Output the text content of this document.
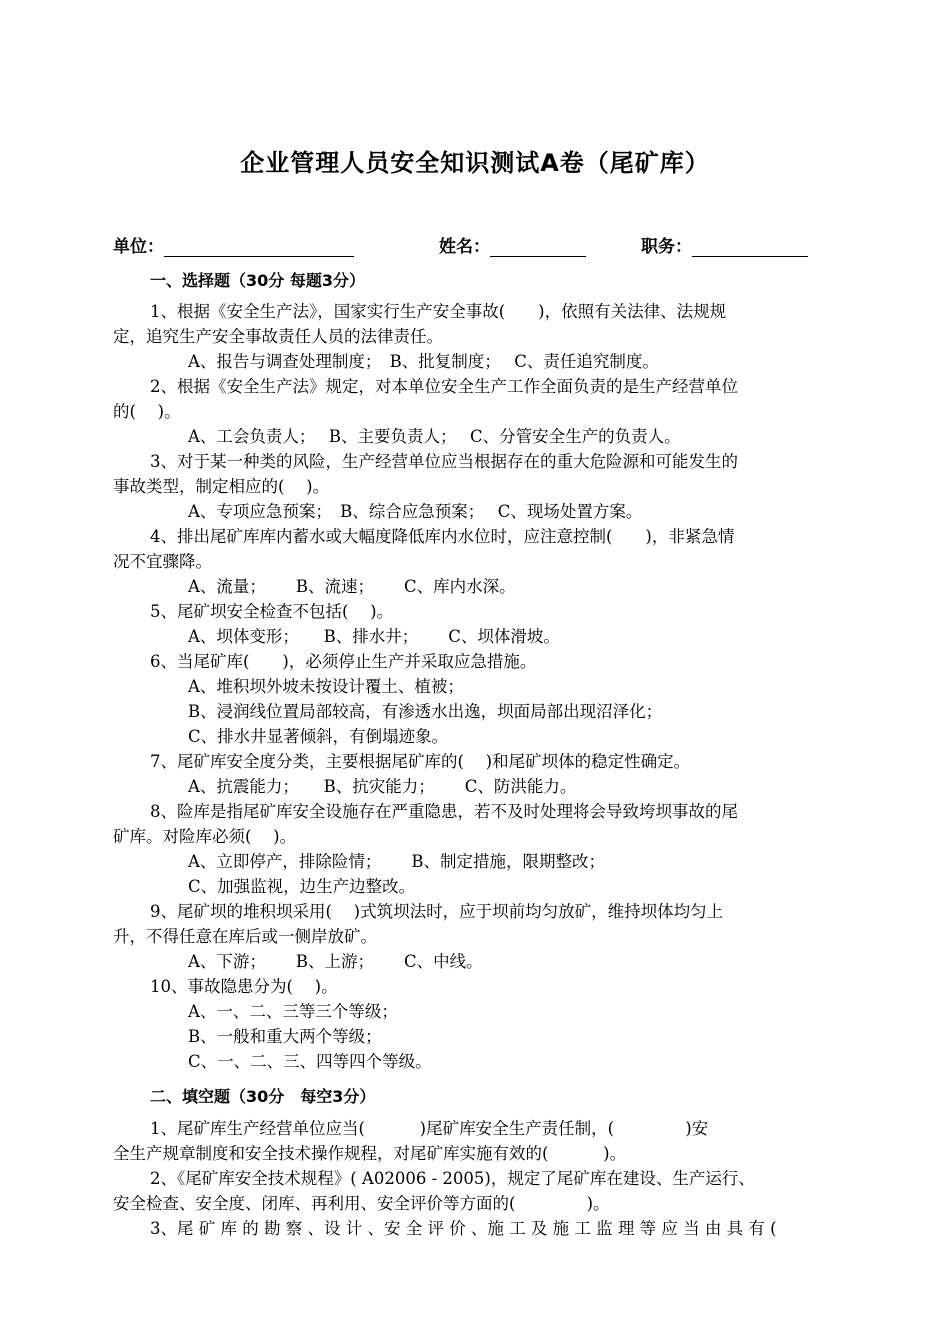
企业管理人员安全知识测试A卷（尾矿库）
单位：	姓名：	职务：
一、选择题（30分 每题3分）
1、根据《安全生产法》，国家实行生产安全事故(　　)，依照有关法律、法规规
定，追究生产安全事故责任人员的法律责任。
A、报告与调查处理制度；　B、批复制度；　 C、责任追究制度。
2、根据《安全生产法》规定，对本单位安全生产工作全面负责的是生产经营单位
的(　 )。
A、工会负责人；　 B、主要负责人；　 C、分管安全生产的负责人。
3、对于某一种类的风险，生产经营单位应当根据存在的重大危险源和可能发生的
事故类型，制定相应的(　 )。
A、专项应急预案；　B、综合应急预案；　 C、现场处置方案。
4、排出尾矿库库内蓄水或大幅度降低库内水位时，应注意控制(　　)，非紧急情
况不宜骤降。
A、流量；　　 B、流速；　　 C、库内水深。
5、尾矿坝安全检查不包括(　 )。
A、坝体变形；　　B、排水井；　　 C、坝体滑坡。
6、当尾矿库(　　)，必须停止生产并采取应急措施。
A、堆积坝外坡未按设计覆土、植被；
B、浸润线位置局部较高，有渗透水出逸，坝面局部出现沼泽化；
C、排水井显著倾斜，有倒塌迹象。
7、尾矿库安全度分类，主要根据尾矿库的(　 )和尾矿坝体的稳定性确定。
A、抗震能力；　　B、抗灾能力；　　 C、防洪能力。
8、险库是指尾矿库安全设施存在严重隐患，若不及时处理将会导致垮坝事故的尾
矿库。对险库必须(　 )。
A、立即停产，排除险情；　　 B、制定措施，限期整改；
C、加强监视，边生产边整改。
9、尾矿坝的堆积坝采用(　 )式筑坝法时，应于坝前均匀放矿，维持坝体均匀上
升，不得任意在库后或一侧岸放矿。
A、下游；　　 B、上游；　　 C、中线。
10、事故隐患分为(　 )。
A、一、二、三等三个等级；
B、一般和重大两个等级；
C、一、二、三、四等四个等级。
二、填空题（30分　每空3分）
1、尾矿库生产经营单位应当(　　　 )尾矿库安全生产责任制，(　　　　 )安
全生产规章制度和安全技术操作规程，对尾矿库实施有效的(　　　 )。
2、《尾矿库安全技术规程》( A02006 - 2005)，规定了尾矿库在建设、生产运行、
安全检查、安全度、闭库、再利用、安全评价等方面的(　　　　 )。
3、尾 矿 库 的 勘 察 、设 计 、安 全 评 价 、施 工 及 施 工 监 理 等 应 当 由 具 有 (
